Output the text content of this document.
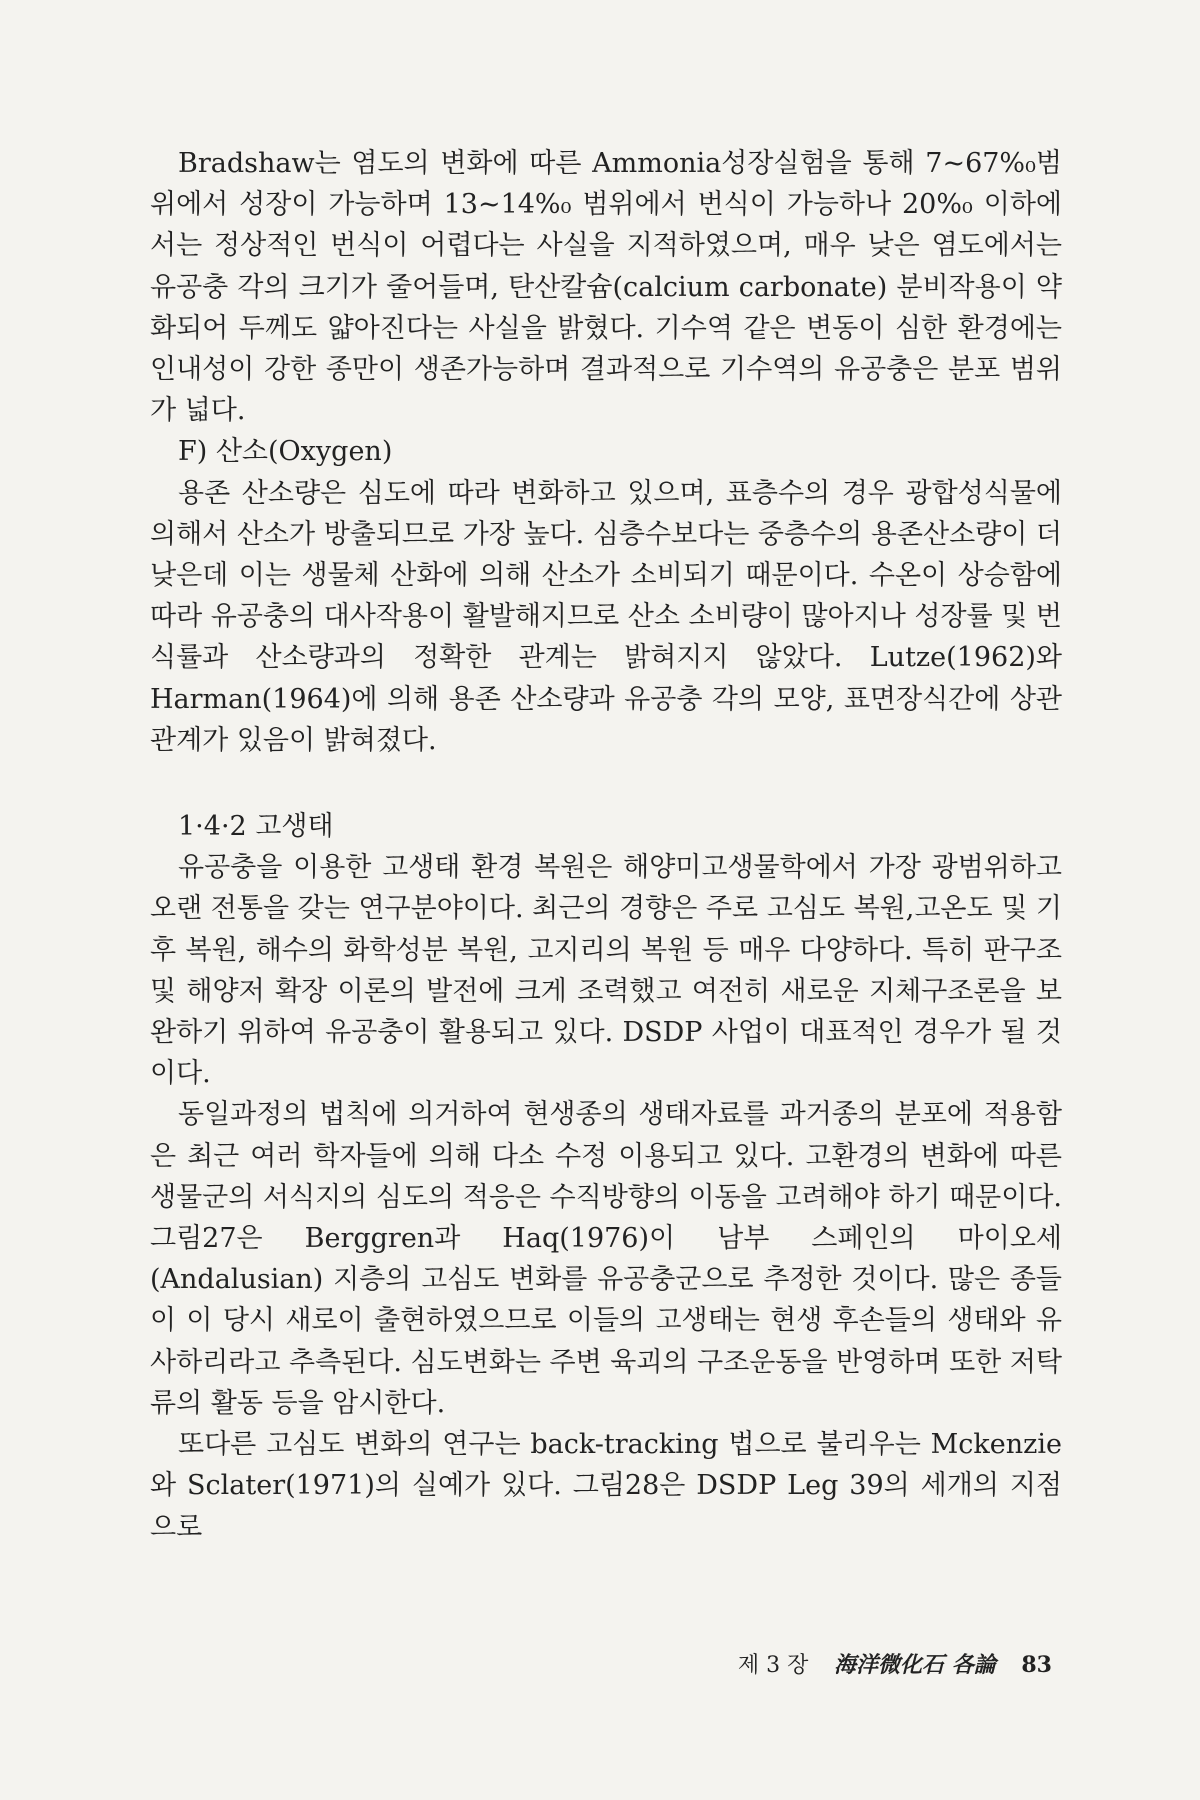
Bradshaw는 염도의 변화에 따른 Ammonia성장실험을 통해 7~67%₀범위에서 성장이 가능하며 13~14%₀ 범위에서 번식이 가능하나 20%₀ 이하에서는 정상적인 번식이 어렵다는 사실을 지적하였으며, 매우 낮은 염도에서는 유공충 각의 크기가 줄어들며, 탄산칼슘(calcium carbonate) 분비작용이 약화되어 두께도 얇아진다는 사실을 밝혔다. 기수역 같은 변동이 심한 환경에는 인내성이 강한 종만이 생존가능하며 결과적으로 기수역의 유공충은 분포 범위가 넓다.

F) 산소(Oxygen)

용존 산소량은 심도에 따라 변화하고 있으며, 표층수의 경우 광합성식물에 의해서 산소가 방출되므로 가장 높다. 심층수보다는 중층수의 용존산소량이 더 낮은데 이는 생물체 산화에 의해 산소가 소비되기 때문이다. 수온이 상승함에 따라 유공충의 대사작용이 활발해지므로 산소 소비량이 많아지나 성장률 및 번식률과 산소량과의 정확한 관계는 밝혀지지 않았다. Lutze(1962)와 Harman(1964)에 의해 용존 산소량과 유공충 각의 모양, 표면장식간에 상관관계가 있음이 밝혀졌다.

1·4·2 고생태

유공충을 이용한 고생태 환경 복원은 해양미고생물학에서 가장 광범위하고 오랜 전통을 갖는 연구분야이다. 최근의 경향은 주로 고심도 복원,고온도 및 기후 복원, 해수의 화학성분 복원, 고지리의 복원 등 매우 다양하다. 특히 판구조 및 해양저 확장 이론의 발전에 크게 조력했고 여전히 새로운 지체구조론을 보완하기 위하여 유공충이 활용되고 있다. DSDP 사업이 대표적인 경우가 될 것이다.

동일과정의 법칙에 의거하여 현생종의 생태자료를 과거종의 분포에 적용함은 최근 여러 학자들에 의해 다소 수정 이용되고 있다. 고환경의 변화에 따른 생물군의 서식지의 심도의 적응은 수직방향의 이동을 고려해야 하기 때문이다. 그림27은 Berggren과 Haq(1976)이 남부 스페인의 마이오세(Andalusian) 지층의 고심도 변화를 유공충군으로 추정한 것이다. 많은 종들이 이 당시 새로이 출현하였으므로 이들의 고생태는 현생 후손들의 생태와 유사하리라고 추측된다. 심도변화는 주변 육괴의 구조운동을 반영하며 또한 저탁류의 활동 등을 암시한다.

또다른 고심도 변화의 연구는 back-tracking 법으로 불리우는 Mckenzie와 Sclater(1971)의 실예가 있다. 그림28은 DSDP Leg 39의 세개의 지점으로

제 3 장 海洋微化石 各論 83
